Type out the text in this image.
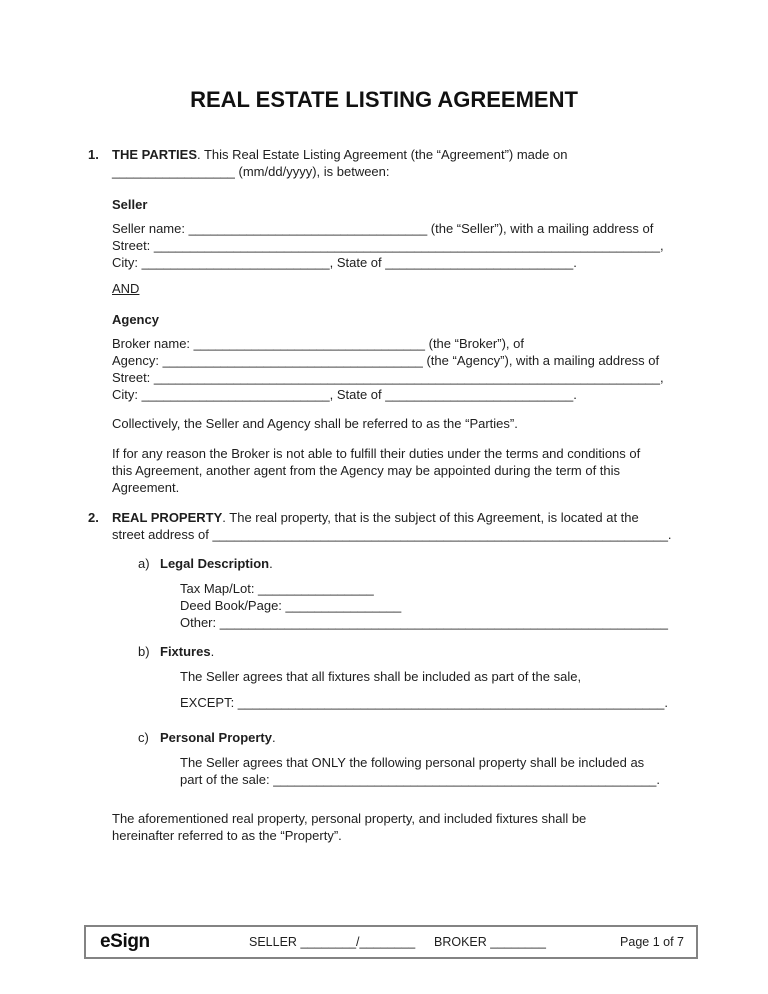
REAL ESTATE LISTING AGREEMENT
1. THE PARTIES. This Real Estate Listing Agreement (the “Agreement”) made on
_________________ (mm/dd/yyyy), is between:
Seller
Seller name: _________________________________ (the “Seller”), with a mailing address of
Street: ______________________________________________________________________,
City: __________________________, State of __________________________.
AND
Agency
Broker name: ________________________________ (the “Broker”), of
Agency: ____________________________________ (the “Agency”), with a mailing address of
Street: ______________________________________________________________________,
City: __________________________, State of __________________________.
Collectively, the Seller and Agency shall be referred to as the “Parties”.
If for any reason the Broker is not able to fulfill their duties under the terms and conditions of
this Agreement, another agent from the Agency may be appointed during the term of this
Agreement.
2. REAL PROPERTY. The real property, that is the subject of this Agreement, is located at the
street address of _______________________________________________________________.
a) Legal Description.
Tax Map/Lot: ________________
Deed Book/Page: ________________
Other: ______________________________________________________________
b) Fixtures.
The Seller agrees that all fixtures shall be included as part of the sale,
EXCEPT: ___________________________________________________________.
c) Personal Property.
The Seller agrees that ONLY the following personal property shall be included as
part of the sale: _____________________________________________________.
The aforementioned real property, personal property, and included fixtures shall be
hereinafter referred to as the “Property”.
eSign	SELLER ________/________ BROKER ________	Page 1 of 7
